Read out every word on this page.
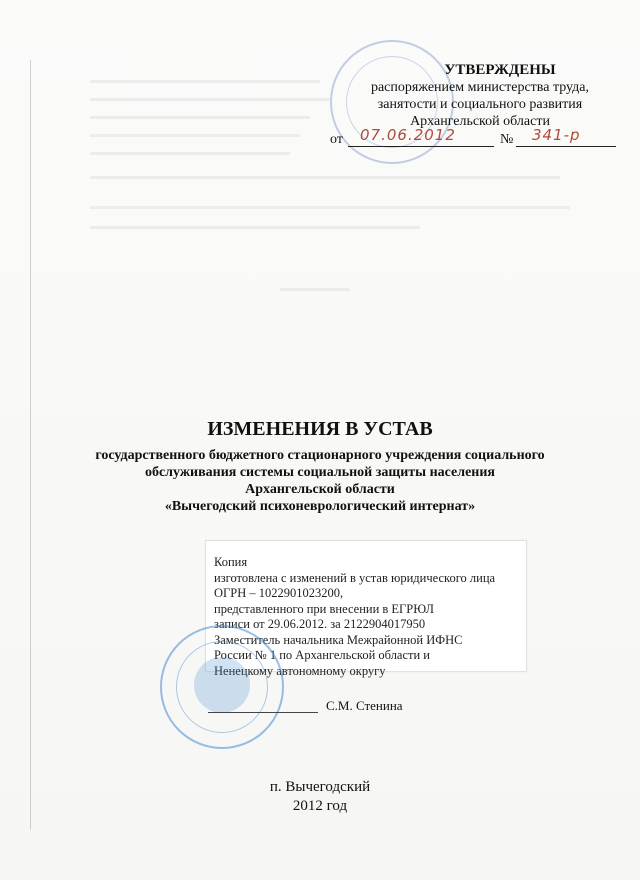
УТВЕРЖДЕНЫ
распоряжением министерства труда,
занятости и социального развития
Архангельской области
от 07.06.2012	№ 341-р
ИЗМЕНЕНИЯ В УСТАВ
государственного бюджетного стационарного учреждения социального
обслуживания системы социальной защиты населения
Архангельской области
«Вычегодский психоневрологический интернат»
Копия
изготовлена с изменений в устав юридического лица
ОГРН – 1022901023200,
представленного при внесении в ЕГРЮЛ
записи от 29.06.2012. за 2122904017950
Заместитель начальника Межрайонной ИФНС
России № 1 по Архангельской области и
Ненецкому автономному округу
С.М. Стенина
п. Вычегодский
2012 год
